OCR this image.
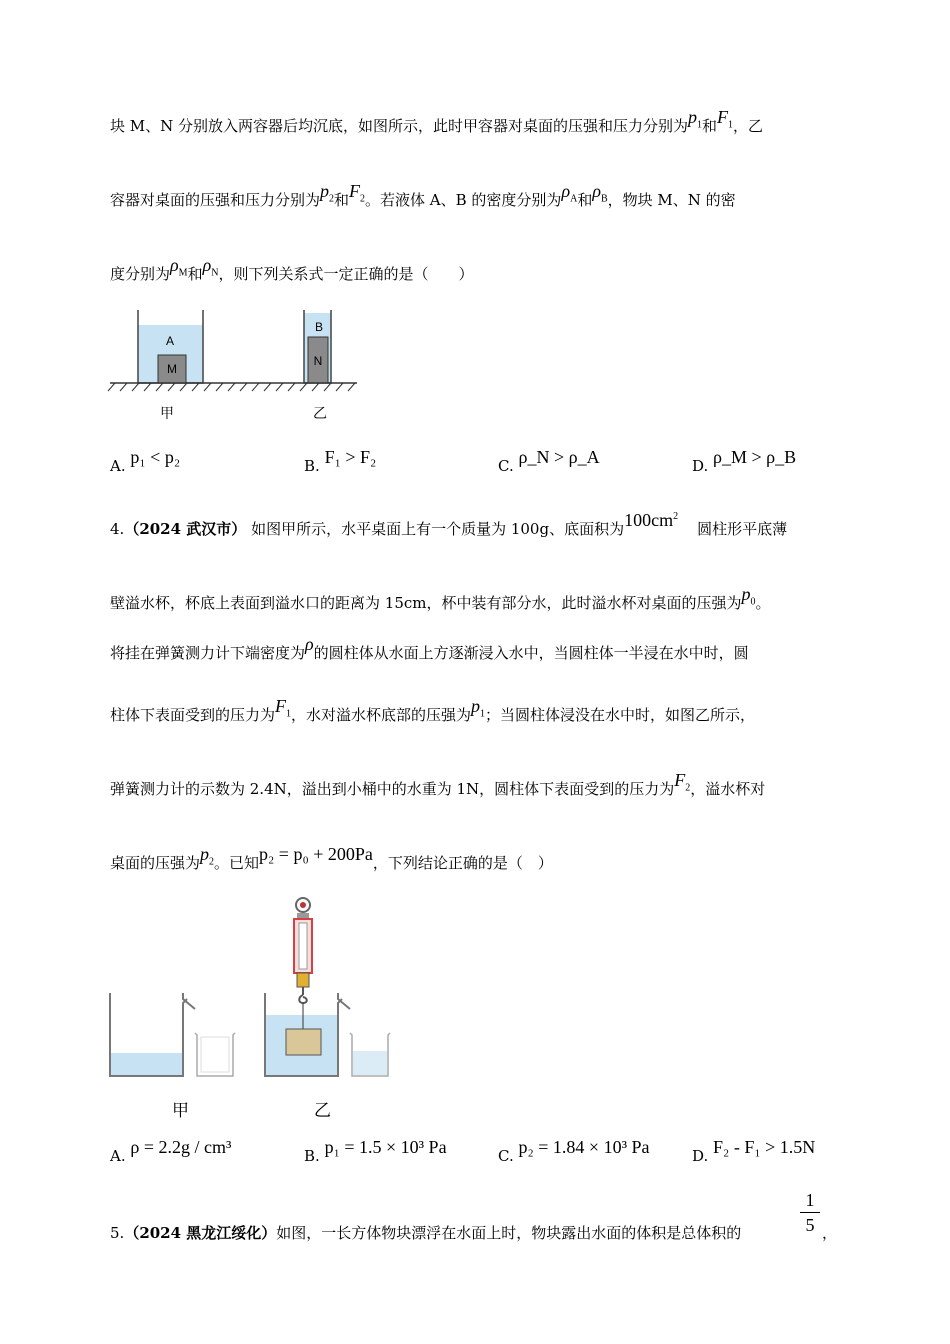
块 M、N 分别放入两容器后均沉底，如图所示，此时甲容器对桌面的压强和压力分别为$p_1$和$F_1$，乙
容器对桌面的压强和压力分别为$p_2$和$F_2$。若液体 A、B 的密度分别为$\rho_A$和$\rho_B$，物块 M、N 的密
度分别为$\rho_M$和$\rho_N$，则下列关系式一定正确的是（　　）
A
M
B
N
甲	乙
A. p₁ < p₂	B. F₁ > F₂	C. ρ_N > ρ_A	D. ρ_M > ρ_B
4.（2024 武汉市） 如图甲所示，水平桌面上有一个质量为 100g、底面积为$100cm^2$    圆柱形平底薄
壁溢水杯，杯底上表面到溢水口的距离为 15cm，杯中装有部分水，此时溢水杯对桌面的压强为$p_0$。
将挂在弹簧测力计下端密度为ρ的圆柱体从水面上方逐渐浸入水中，当圆柱体一半浸在水中时，圆
柱体下表面受到的压力为$F_1$，水对溢水杯底部的压强为$p_1$；当圆柱体浸没在水中时，如图乙所示，
弹簧测力计的示数为 2.4N，溢出到小桶中的水重为 1N，圆柱体下表面受到的压力为$F_2$，溢水杯对
桌面的压强为$p_2$。已知p₂ = p₀ + 200Pa，下列结论正确的是（　）
甲	乙
A. ρ = 2.2g / cm³	B. p₁ = 1.5 × 10³ Pa	C. p₂ = 1.84 × 10³ Pa	D. F₂ - F₁ > 1.5N
5.（2024 黑龙江绥化）如图，一长方体物块漂浮在水面上时，物块露出水面的体积是总体积的
1
5 ，
